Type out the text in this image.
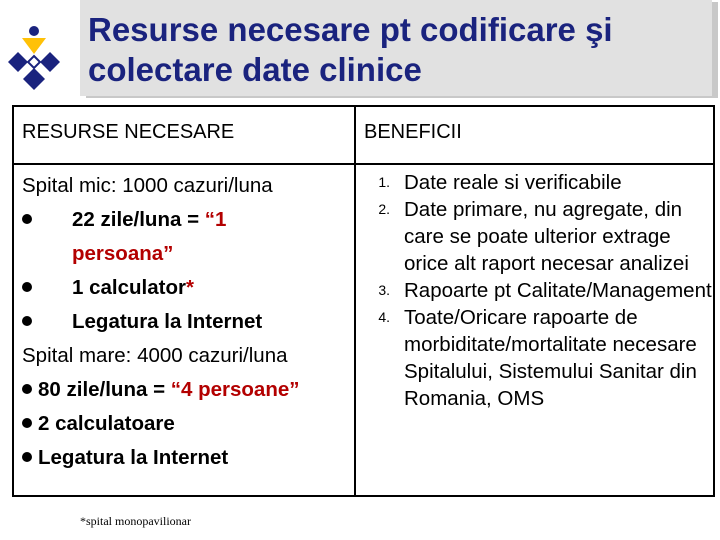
Resurse necesare pt codificare şi colectare date clinice
RESURSE NECESARE	BENEFICII
Spital mic: 1000 cazuri/luna
22 zile/luna = “1
persoana”
1 calculator*
Legatura la Internet
Spital mare: 4000 cazuri/luna
80 zile/luna = “4 persoane”
2 calculatoare
Legatura la Internet
1. Date reale si verificabile
2. Date primare, nu agregate, din care se poate ulterior extrage orice alt raport necesar analizei
3. Rapoarte pt Calitate/Management
4. Toate/Oricare rapoarte de morbiditate/mortalitate necesare Spitalului, Sistemului Sanitar din Romania, OMS
*spital monopavilionar
